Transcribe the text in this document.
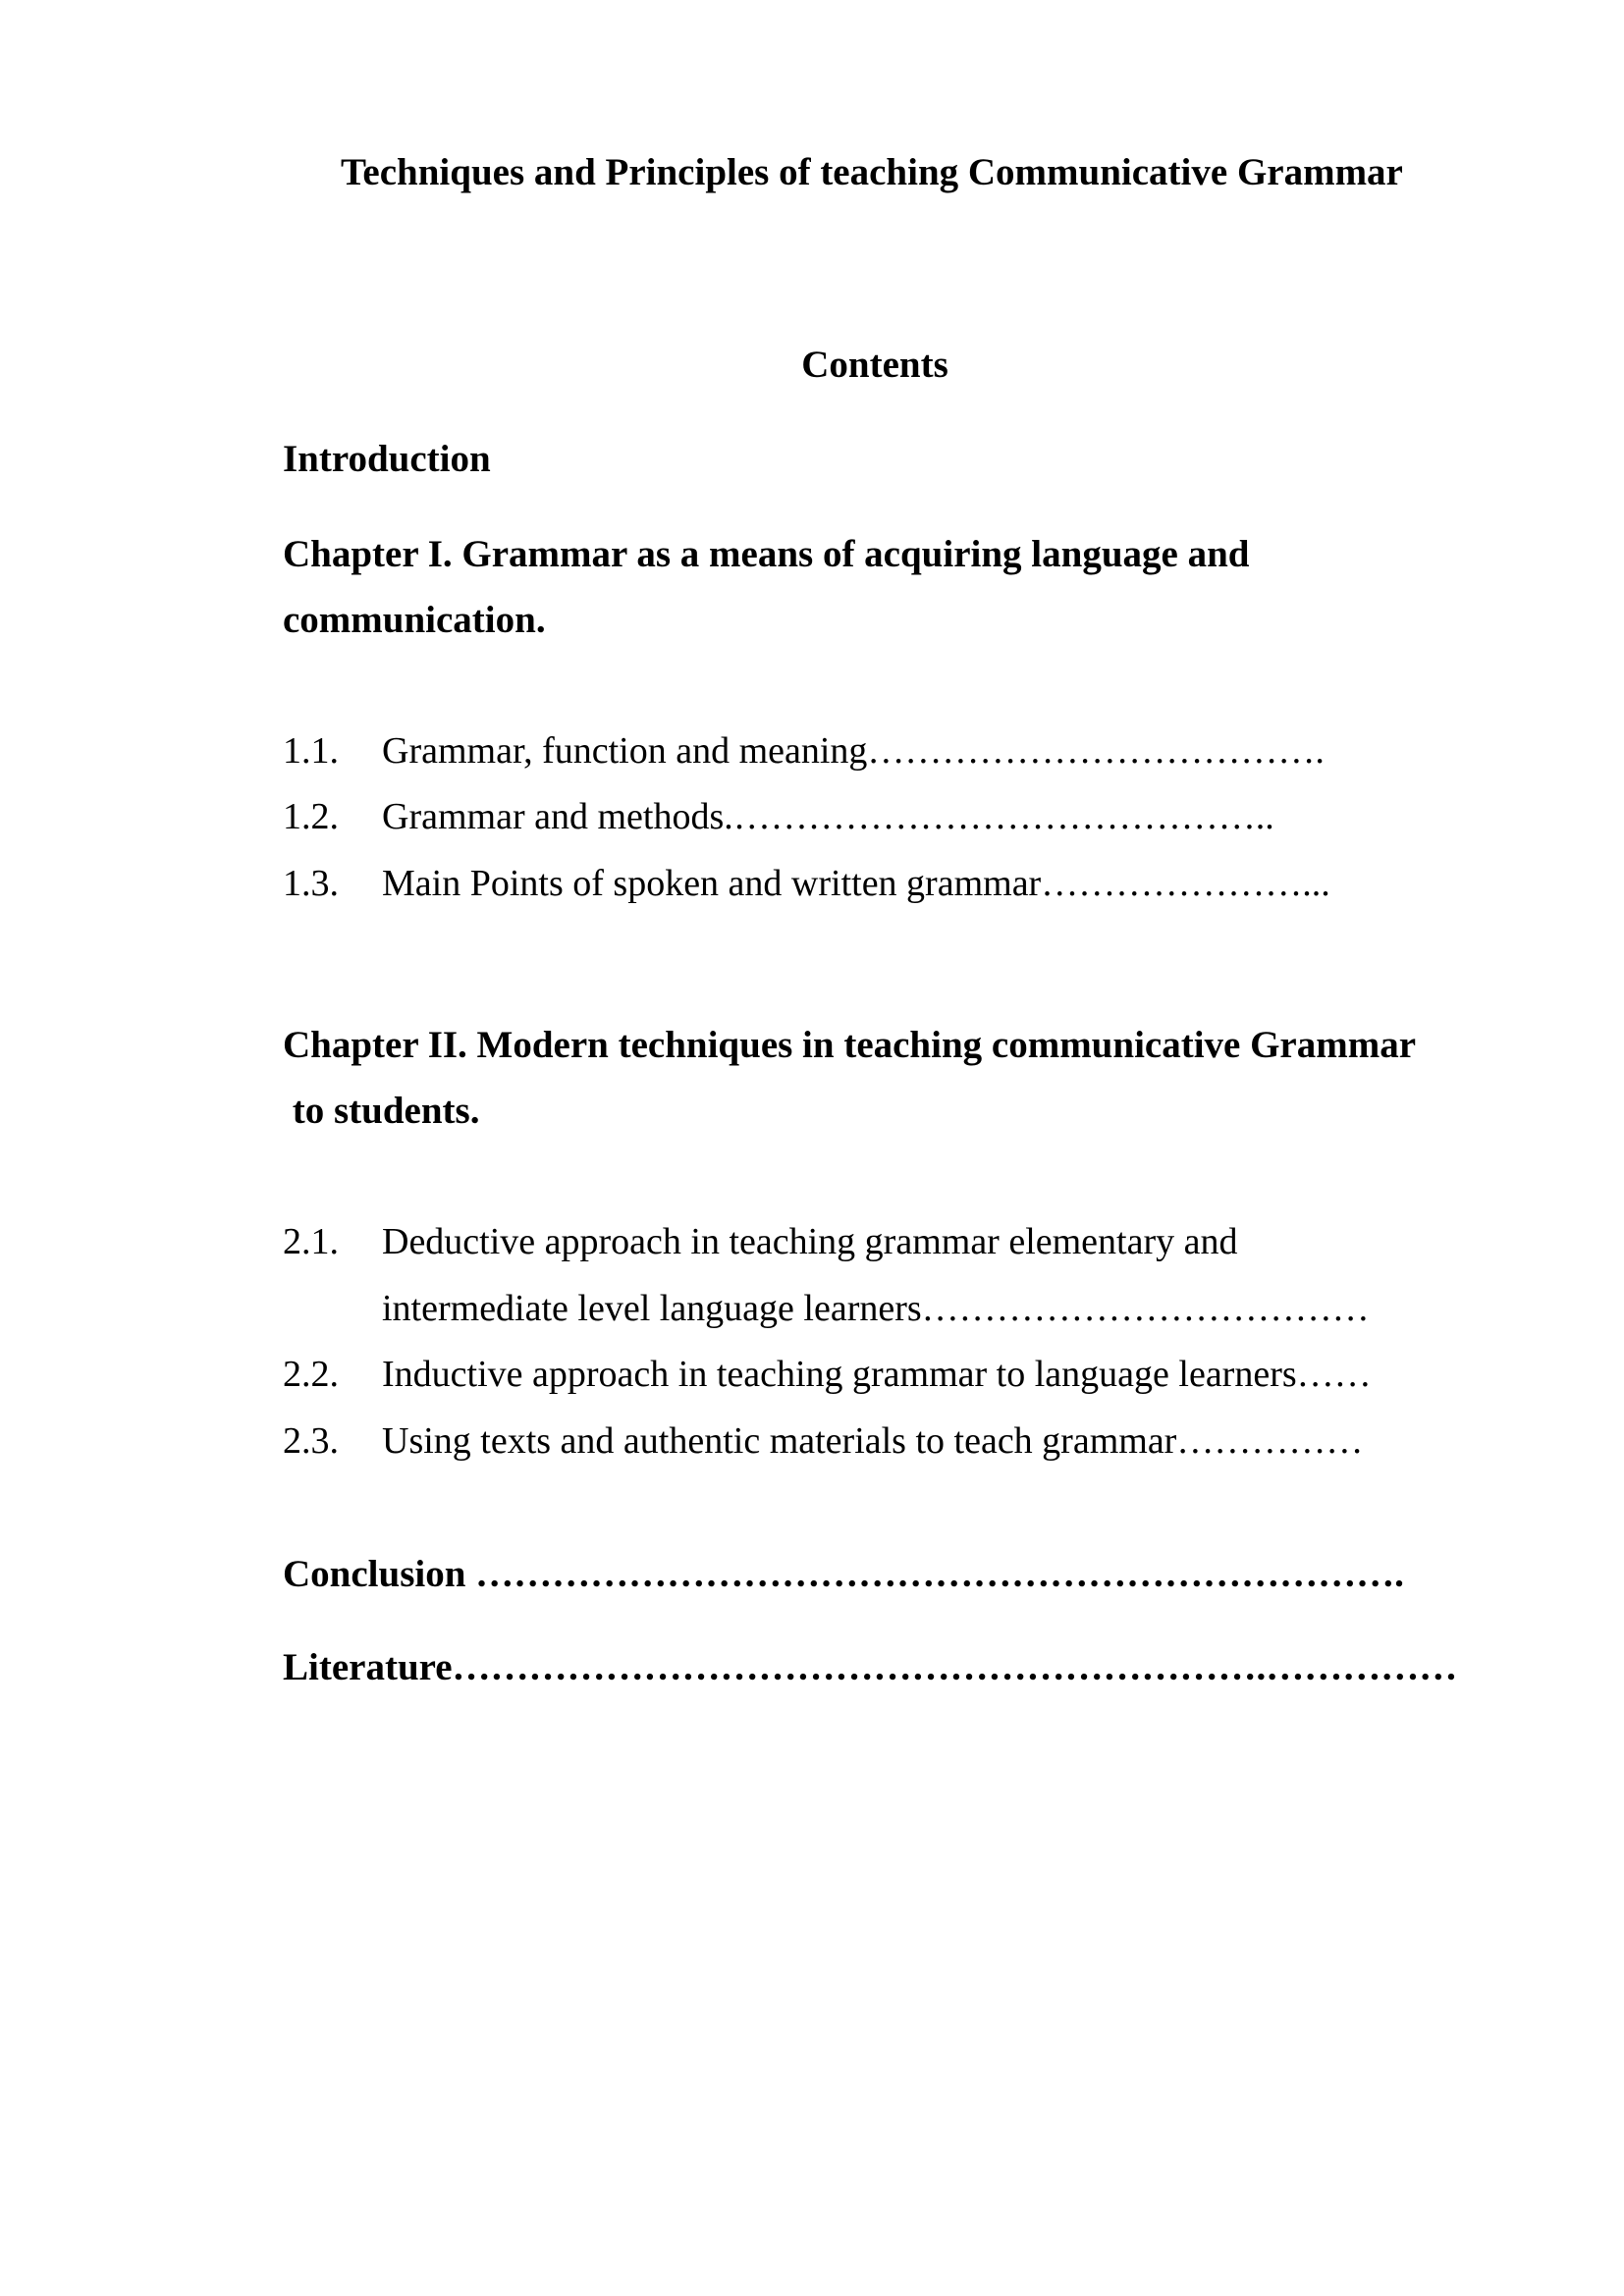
Techniques and Principles of teaching Communicative Grammar
Contents
Introduction
Chapter I. Grammar as a means of acquiring language and
communication.
1.1. Grammar, function and meaning……………………………….
1.2. Grammar and methods.……………………………………..
1.3. Main Points of spoken and written grammar…………………...
Chapter II. Modern techniques in teaching communicative Grammar
to students.
2.1. Deductive approach in teaching grammar elementary and
intermediate level language learners………………………………
2.2. Inductive approach in teaching grammar to language learners……
2.3. Using texts and authentic materials to teach grammar……………
Conclusion ……………………………………………………………….
Literature……………………………………………………….……………
